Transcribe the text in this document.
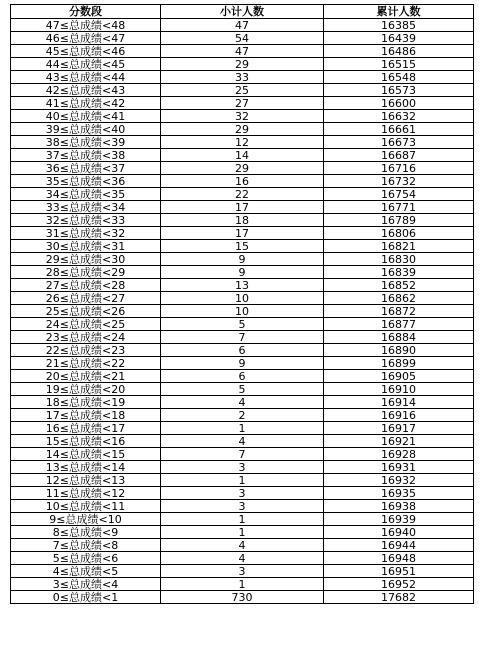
分数段	小计人数	累计人数
47≤总成绩<48	47	16385
46≤总成绩<47	54	16439
45≤总成绩<46	47	16486
44≤总成绩<45	29	16515
43≤总成绩<44	33	16548
42≤总成绩<43	25	16573
41≤总成绩<42	27	16600
40≤总成绩<41	32	16632
39≤总成绩<40	29	16661
38≤总成绩<39	12	16673
37≤总成绩<38	14	16687
36≤总成绩<37	29	16716
35≤总成绩<36	16	16732
34≤总成绩<35	22	16754
33≤总成绩<34	17	16771
32≤总成绩<33	18	16789
31≤总成绩<32	17	16806
30≤总成绩<31	15	16821
29≤总成绩<30	9	16830
28≤总成绩<29	9	16839
27≤总成绩<28	13	16852
26≤总成绩<27	10	16862
25≤总成绩<26	10	16872
24≤总成绩<25	5	16877
23≤总成绩<24	7	16884
22≤总成绩<23	6	16890
21≤总成绩<22	9	16899
20≤总成绩<21	6	16905
19≤总成绩<20	5	16910
18≤总成绩<19	4	16914
17≤总成绩<18	2	16916
16≤总成绩<17	1	16917
15≤总成绩<16	4	16921
14≤总成绩<15	7	16928
13≤总成绩<14	3	16931
12≤总成绩<13	1	16932
11≤总成绩<12	3	16935
10≤总成绩<11	3	16938
9≤总成绩<10	1	16939
8≤总成绩<9	1	16940
7≤总成绩<8	4	16944
5≤总成绩<6	4	16948
4≤总成绩<5	3	16951
3≤总成绩<4	1	16952
0≤总成绩<1	730	17682
